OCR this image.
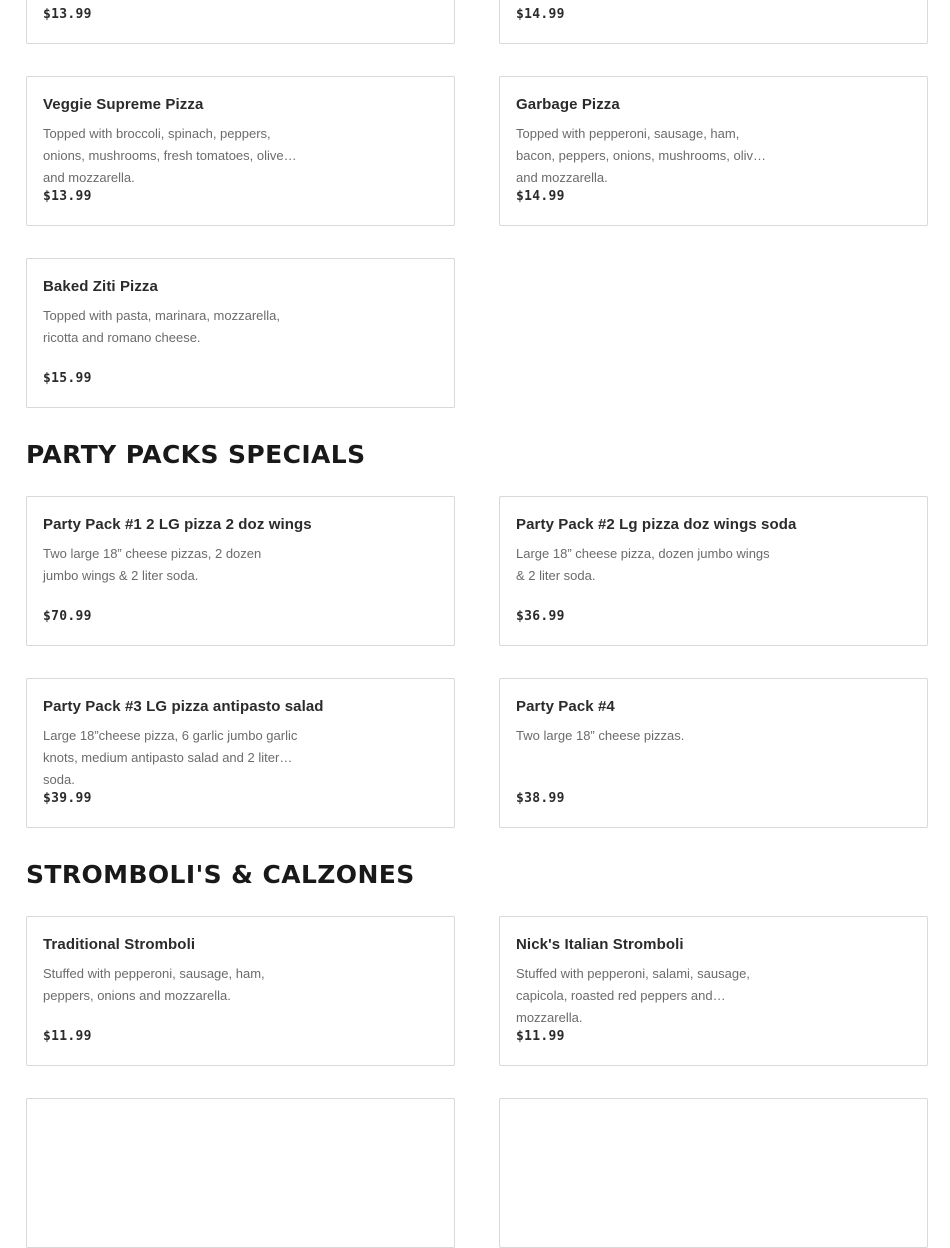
$13.99	$14.99
Veggie Supreme Pizza
Topped with broccoli, spinach, peppers, onions, mushrooms, fresh tomatoes, olives and mozzarella.
$13.99
Garbage Pizza
Topped with pepperoni, sausage, ham, bacon, peppers, onions, mushrooms, olives and mozzarella.
$14.99
Baked Ziti Pizza
Topped with pasta, marinara, mozzarella, ricotta and romano cheese.
$15.99
PARTY PACKS SPECIALS
Party Pack #1 2 LG pizza 2 doz wings
Two large 18” cheese pizzas, 2 dozen jumbo wings & 2 liter soda.
$70.99
Party Pack #2 Lg pizza doz wings soda
Large 18” cheese pizza, dozen jumbo wings & 2 liter soda.
$36.99
Party Pack #3 LG pizza antipasto salad
Large 18”cheese pizza, 6 garlic jumbo garlic knots, medium antipasto salad and 2 liter soda.
$39.99
Party Pack #4
Two large 18” cheese pizzas.
$38.99
STROMBOLI'S & CALZONES
Traditional Stromboli
Stuffed with pepperoni, sausage, ham, peppers, onions and mozzarella.
$11.99
Nick's Italian Stromboli
Stuffed with pepperoni, salami, sausage, capicola, roasted red peppers and mozzarella.
$11.99
